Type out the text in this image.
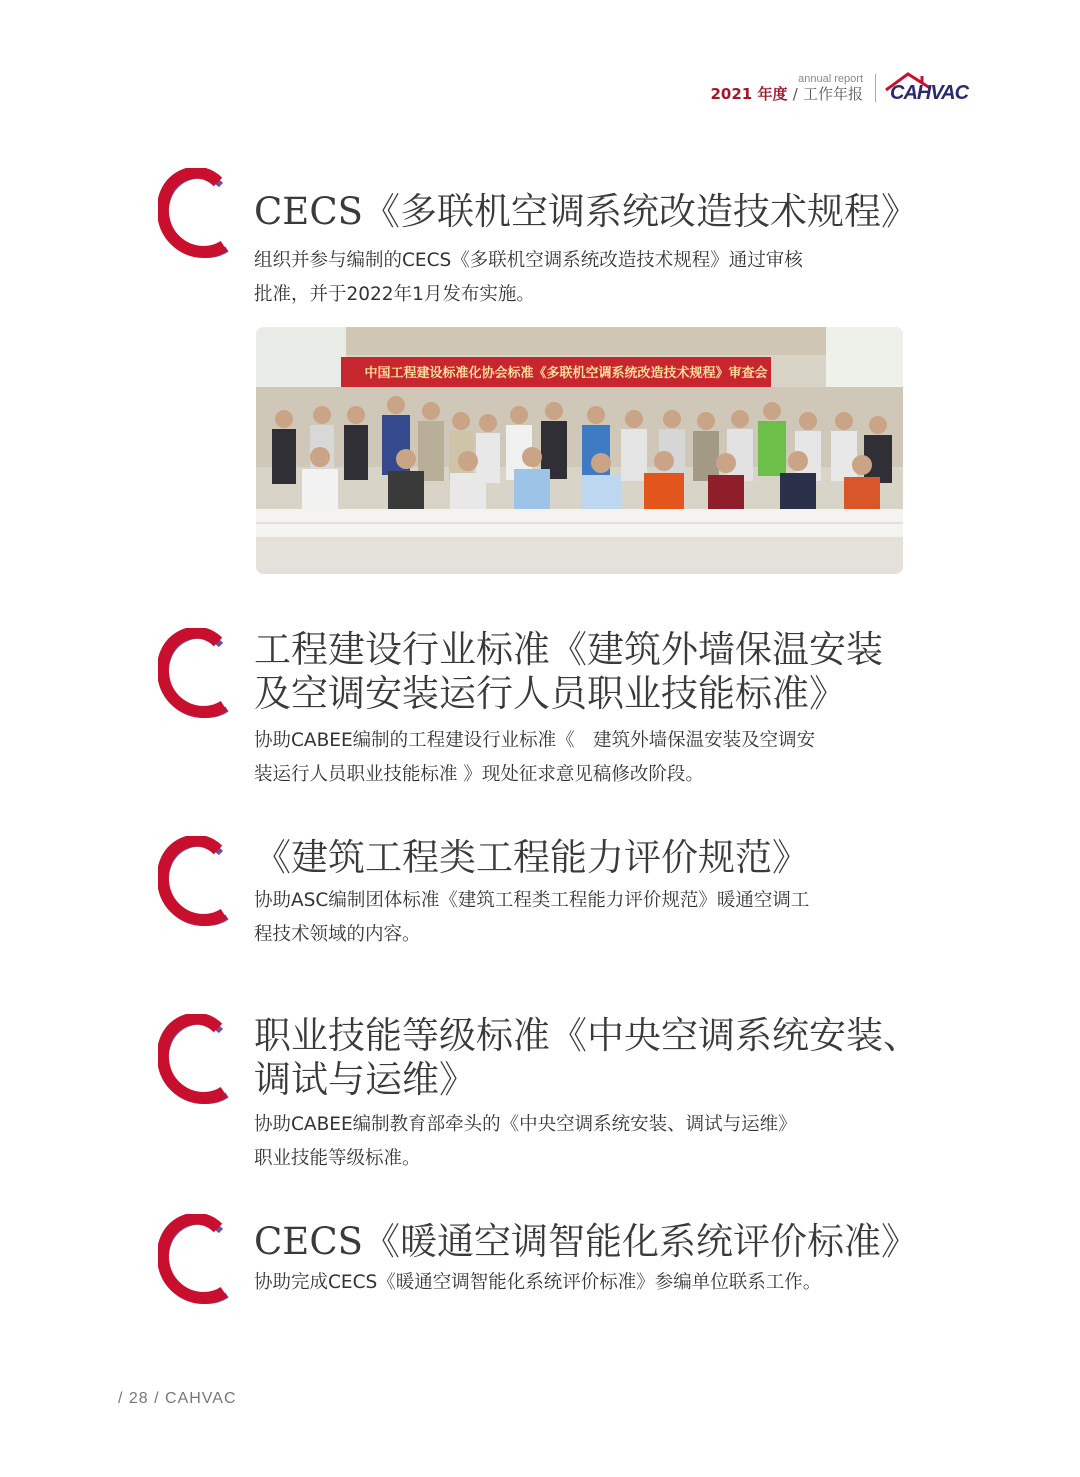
annual report
2021 年度 / 工作年报 CAHVAC
CECS《多联机空调系统改造技术规程》
组织并参与编制的CECS《多联机空调系统改造技术规程》通过审核
批准，并于2022年1月发布实施。
中国工程建设标准化协会标准《多联机空调系统改造技术规程》审查会
工程建设行业标准《建筑外墙保温安装
及空调安装运行人员职业技能标准》
协助CABEE编制的工程建设行业标准《　建筑外墙保温安装及空调安
装运行人员职业技能标准 》现处征求意见稿修改阶段。
《建筑工程类工程能力评价规范》
协助ASC编制团体标准《建筑工程类工程能力评价规范》暖通空调工
程技术领域的内容。
职业技能等级标准《中央空调系统安装、
调试与运维》
协助CABEE编制教育部牵头的《中央空调系统安装、调试与运维》
职业技能等级标准。
CECS《暖通空调智能化系统评价标准》
协助完成CECS《暖通空调智能化系统评价标准》参编单位联系工作。
/ 28 / CAHVAC
